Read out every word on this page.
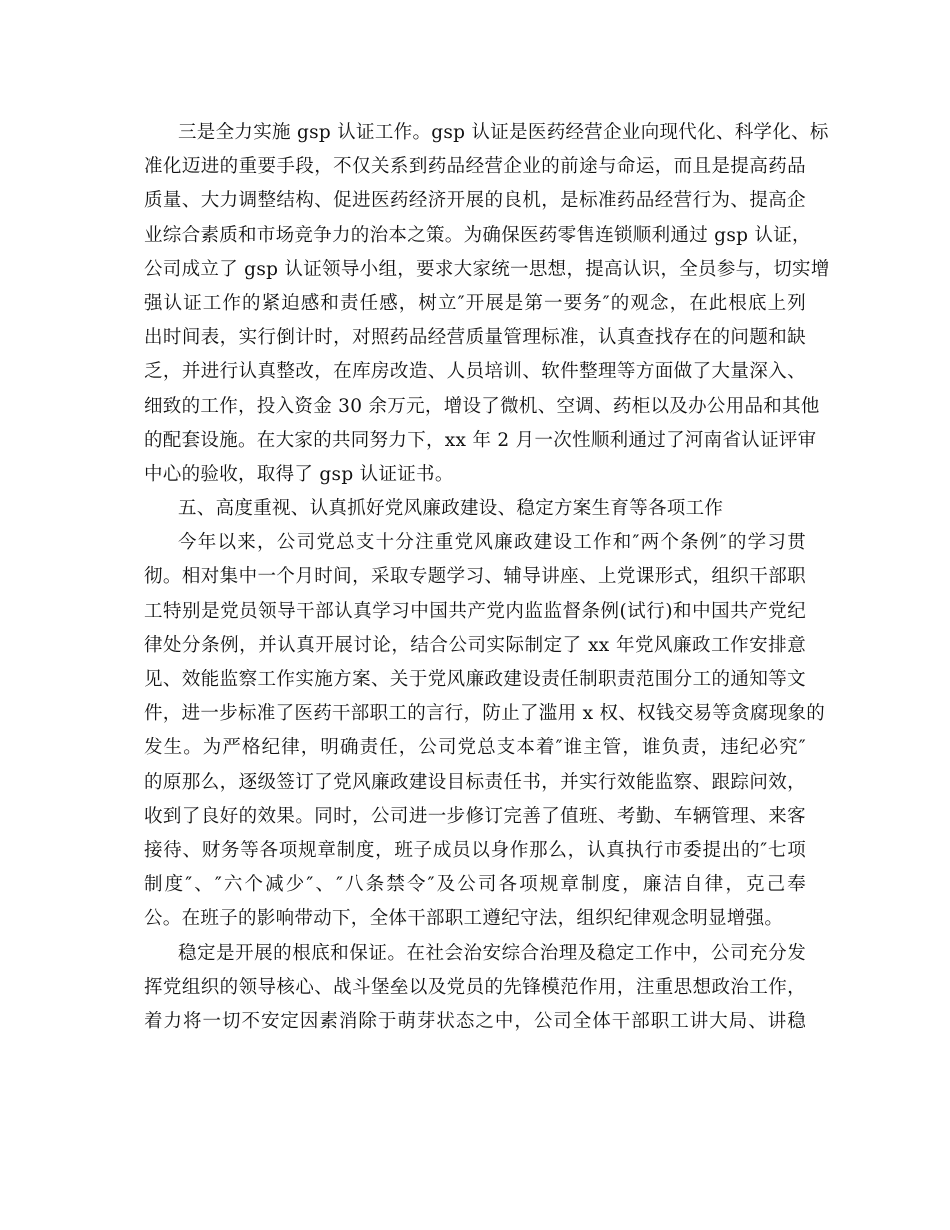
三是全力实施 gsp 认证工作。gsp 认证是医药经营企业向现代化、科学化、标
准化迈进的重要手段，不仅关系到药品经营企业的前途与命运，而且是提高药品
质量、大力调整结构、促进医药经济开展的良机，是标准药品经营行为、提高企
业综合素质和市场竞争力的治本之策。为确保医药零售连锁顺利通过 gsp 认证，
公司成立了 gsp 认证领导小组，要求大家统一思想，提高认识，全员参与，切实增
强认证工作的紧迫感和责任感，树立″开展是第一要务″的观念，在此根底上列
出时间表，实行倒计时，对照药品经营质量管理标准，认真查找存在的问题和缺
乏，并进行认真整改，在库房改造、人员培训、软件整理等方面做了大量深入、
细致的工作，投入资金 30 余万元，增设了微机、空调、药柜以及办公用品和其他
的配套设施。在大家的共同努力下，xx 年 2 月一次性顺利通过了河南省认证评审
中心的验收，取得了 gsp 认证证书。
五、高度重视、认真抓好党风廉政建设、稳定方案生育等各项工作
今年以来，公司党总支十分注重党风廉政建设工作和″两个条例″的学习贯
彻。相对集中一个月时间，采取专题学习、辅导讲座、上党课形式，组织干部职
工特别是党员领导干部认真学习中国共产党内监监督条例(试行)和中国共产党纪
律处分条例，并认真开展讨论，结合公司实际制定了 xx 年党风廉政工作安排意
见、效能监察工作实施方案、关于党风廉政建设责任制职责范围分工的通知等文
件，进一步标准了医药干部职工的言行，防止了滥用 x 权、权钱交易等贪腐现象的
发生。为严格纪律，明确责任，公司党总支本着″谁主管，谁负责，违纪必究″
的原那么，逐级签订了党风廉政建设目标责任书，并实行效能监察、跟踪问效，
收到了良好的效果。同时，公司进一步修订完善了值班、考勤、车辆管理、来客
接待、财务等各项规章制度，班子成员以身作那么，认真执行市委提出的″七项
制度″、″六个减少″、″八条禁令″及公司各项规章制度，廉洁自律，克己奉
公。在班子的影响带动下，全体干部职工遵纪守法，组织纪律观念明显增强。
稳定是开展的根底和保证。在社会治安综合治理及稳定工作中，公司充分发
挥党组织的领导核心、战斗堡垒以及党员的先锋模范作用，注重思想政治工作，
着力将一切不安定因素消除于萌芽状态之中，公司全体干部职工讲大局、讲稳
